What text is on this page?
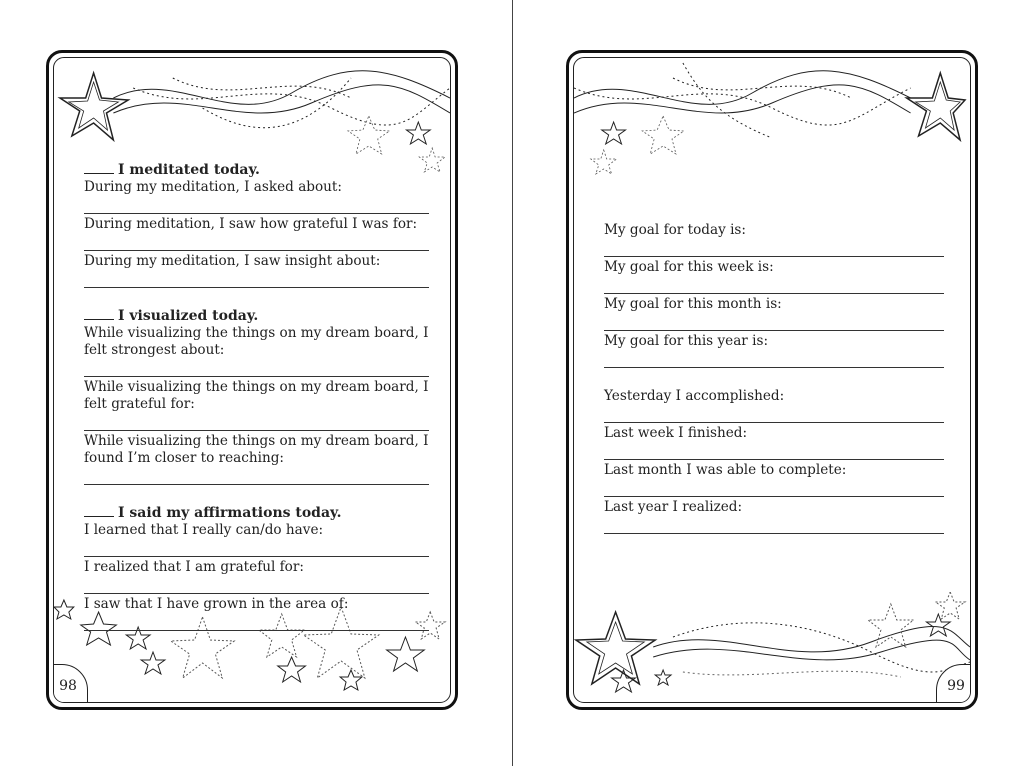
I meditated today.

During my meditation, I asked about:

During meditation, I saw how grateful I was for:

During my meditation, I saw insight about:

I visualized today.

While visualizing the things on my dream board, I felt strongest about:

While visualizing the things on my dream board, I felt grateful for:

While visualizing the things on my dream board, I found I’m closer to reaching:

I said my affirmations today.

I learned that I really can/do have:

I realized that I am grateful for:

I saw that I have grown in the area of:

98

My goal for today is:

My goal for this week is:

My goal for this month is:

My goal for this year is:

Yesterday I accomplished:

Last week I finished:

Last month I was able to complete:

Last year I realized:

99
